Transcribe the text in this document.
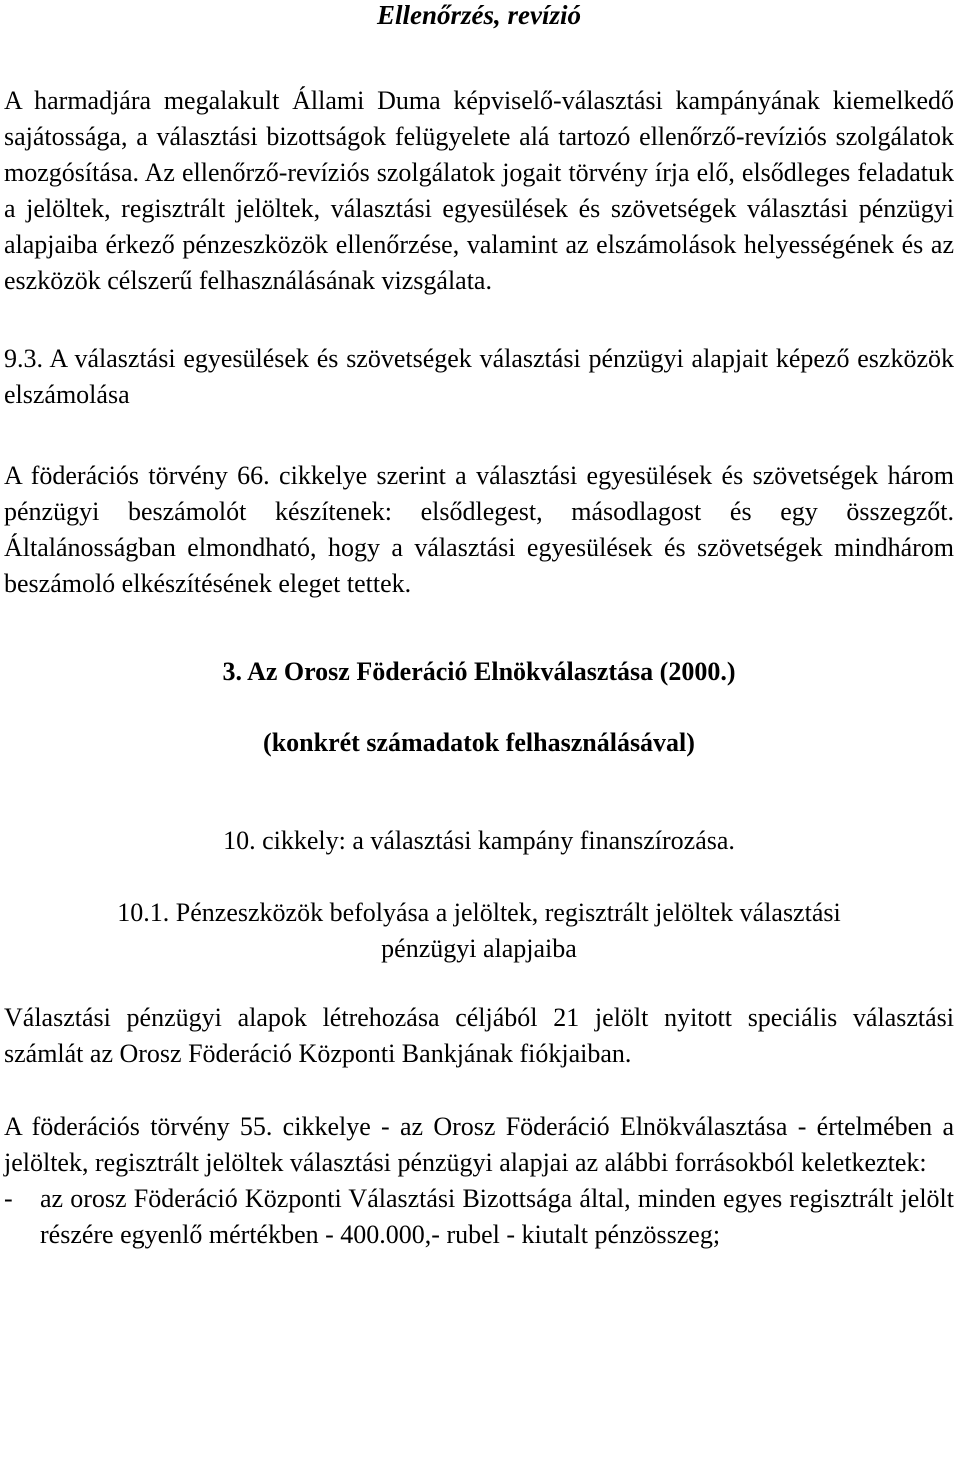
Ellenőrzés, revízió

A harmadjára megalakult Állami Duma képviselő-választási kampányának kiemelkedő sajátossága, a választási bizottságok felügyelete alá tartozó ellenőrző-revíziós szolgálatok mozgósítása. Az ellenőrző-revíziós szolgálatok jogait törvény írja elő, elsődleges feladatuk a jelöltek, regisztrált jelöltek, választási egyesülések és szövetségek választási pénzügyi alapjaiba érkező pénzeszközök ellenőrzése, valamint az elszámolások helyességének és az eszközök célszerű felhasználásának vizsgálata.

9.3. A választási egyesülések és szövetségek választási pénzügyi alapjait képező eszközök elszámolása

A föderációs törvény 66. cikkelye szerint a választási egyesülések és szövetségek három pénzügyi beszámolót készítenek: elsődlegest, másodlagost és egy összegzőt. Általánosságban elmondható, hogy a választási egyesülések és szövetségek mindhárom beszámoló elkészítésének eleget tettek.

3. Az Orosz Föderáció Elnökválasztása (2000.)

(konkrét számadatok felhasználásával)

10. cikkely: a választási kampány finanszírozása.

10.1. Pénzeszközök befolyása a jelöltek, regisztrált jelöltek választási
pénzügyi alapjaiba

Választási pénzügyi alapok létrehozása céljából 21 jelölt nyitott speciális választási számlát az Orosz Föderáció Központi Bankjának fiókjaiban.

A föderációs törvény 55. cikkelye - az Orosz Föderáció Elnökválasztása - értelmében a jelöltek, regisztrált jelöltek választási pénzügyi alapjai az alábbi forrásokból keletkeztek:

-	az orosz Föderáció Központi Választási Bizottsága által, minden egyes regisztrált jelölt részére egyenlő mértékben - 400.000,- rubel - kiutalt pénzösszeg;
